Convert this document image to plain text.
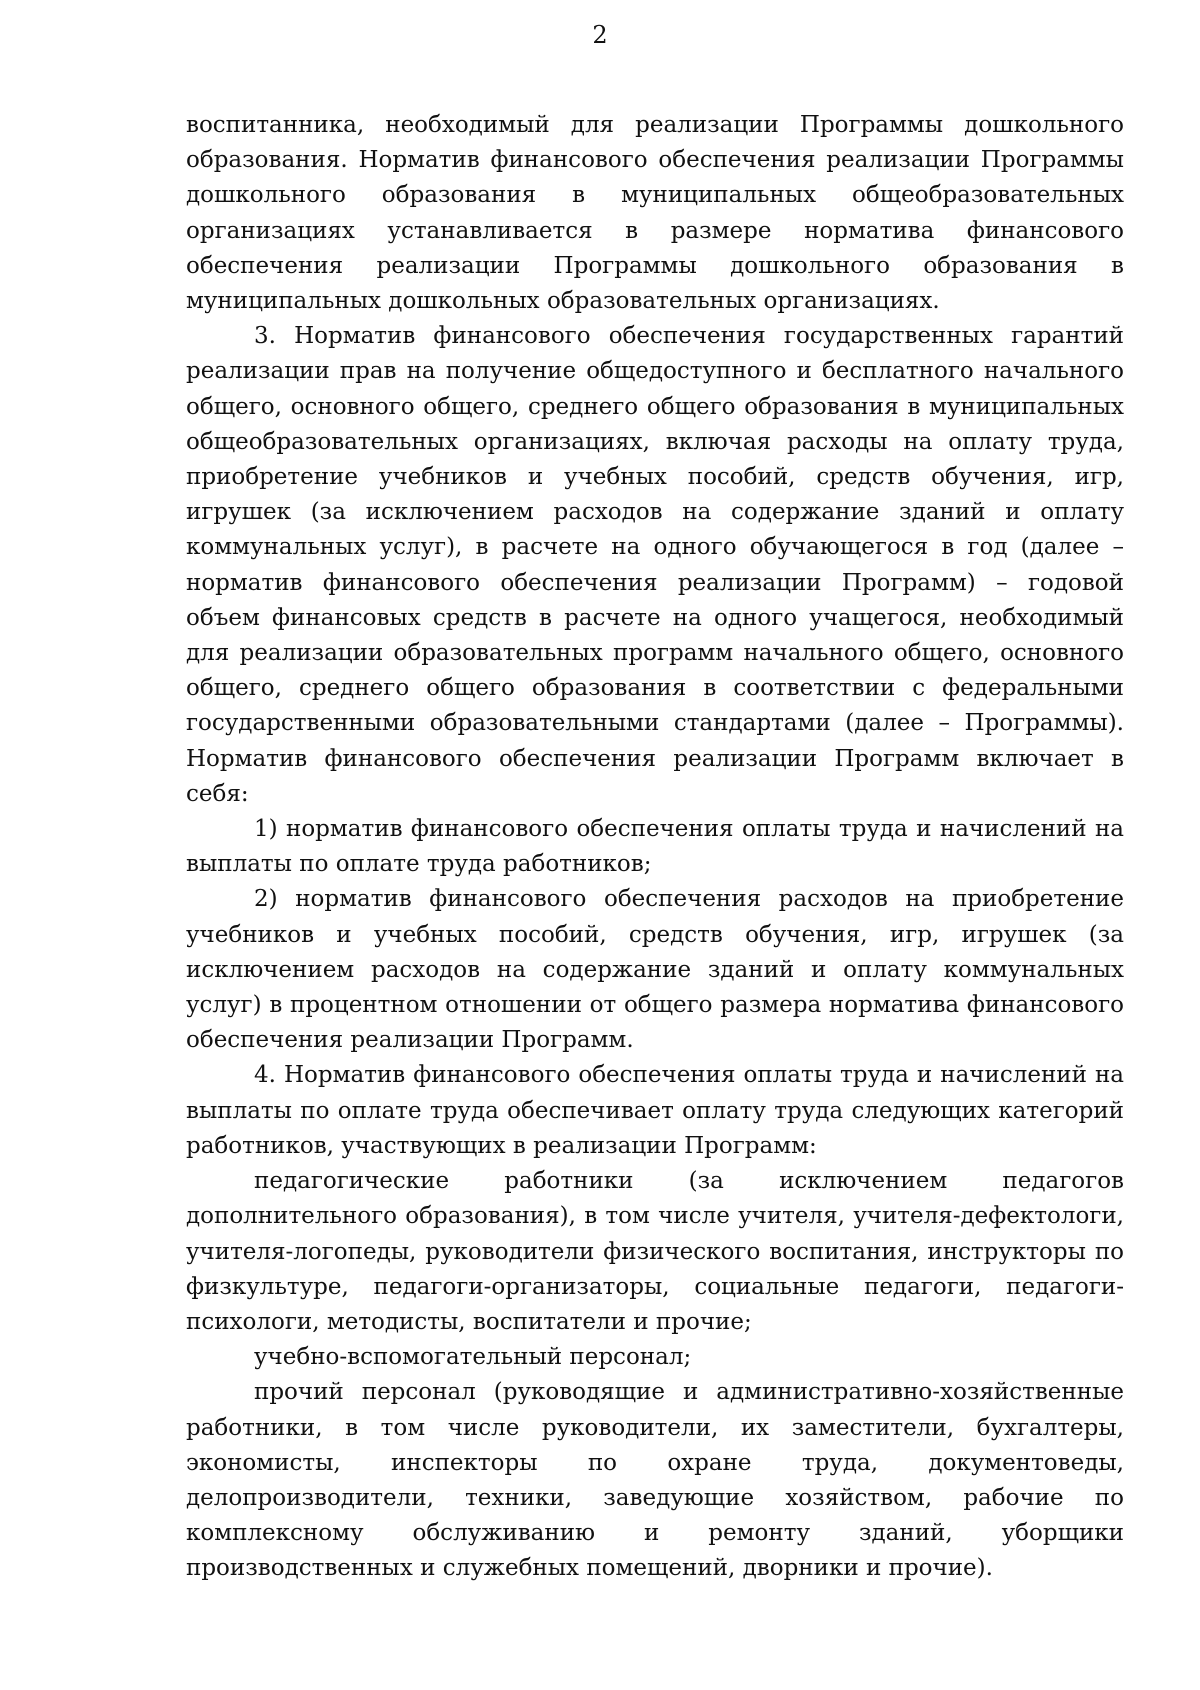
2

воспитанника, необходимый для реализации Программы дошкольного образования. Норматив финансового обеспечения реализации Программы дошкольного образования в муниципальных общеобразовательных организациях устанавливается в размере норматива финансового обеспечения реализации Программы дошкольного образования в муниципальных дошкольных образовательных организациях.

3. Норматив финансового обеспечения государственных гарантий реализации прав на получение общедоступного и бесплатного начального общего, основного общего, среднего общего образования в муниципальных общеобразовательных организациях, включая расходы на оплату труда, приобретение учебников и учебных пособий, средств обучения, игр, игрушек (за исключением расходов на содержание зданий и оплату коммунальных услуг), в расчете на одного обучающегося в год (далее – норматив финансового обеспечения реализации Программ) – годовой объем финансовых средств в расчете на одного учащегося, необходимый для реализации образовательных программ начального общего, основного общего, среднего общего образования в соответствии с федеральными государственными образовательными стандартами (далее – Программы). Норматив финансового обеспечения реализации Программ включает в себя:

1) норматив финансового обеспечения оплаты труда и начислений на выплаты по оплате труда работников;

2) норматив финансового обеспечения расходов на приобретение учебников и учебных пособий, средств обучения, игр, игрушек (за исключением расходов на содержание зданий и оплату коммунальных услуг) в процентном отношении от общего размера норматива финансового обеспечения реализации Программ.

4. Норматив финансового обеспечения оплаты труда и начислений на выплаты по оплате труда обеспечивает оплату труда следующих категорий работников, участвующих в реализации Программ:

педагогические работники (за исключением педагогов дополнительного образования), в том числе учителя, учителя-дефектологи, учителя-логопеды, руководители физического воспитания, инструкторы по физкультуре, педагоги-организаторы, социальные педагоги, педагоги-психологи, методисты, воспитатели и прочие;

учебно-вспомогательный персонал;

прочий персонал (руководящие и административно-хозяйственные работники, в том числе руководители, их заместители, бухгалтеры, экономисты, инспекторы по охране труда, документоведы, делопроизводители, техники, заведующие хозяйством, рабочие по комплексному обслуживанию и ремонту зданий, уборщики производственных и служебных помещений, дворники и прочие).
